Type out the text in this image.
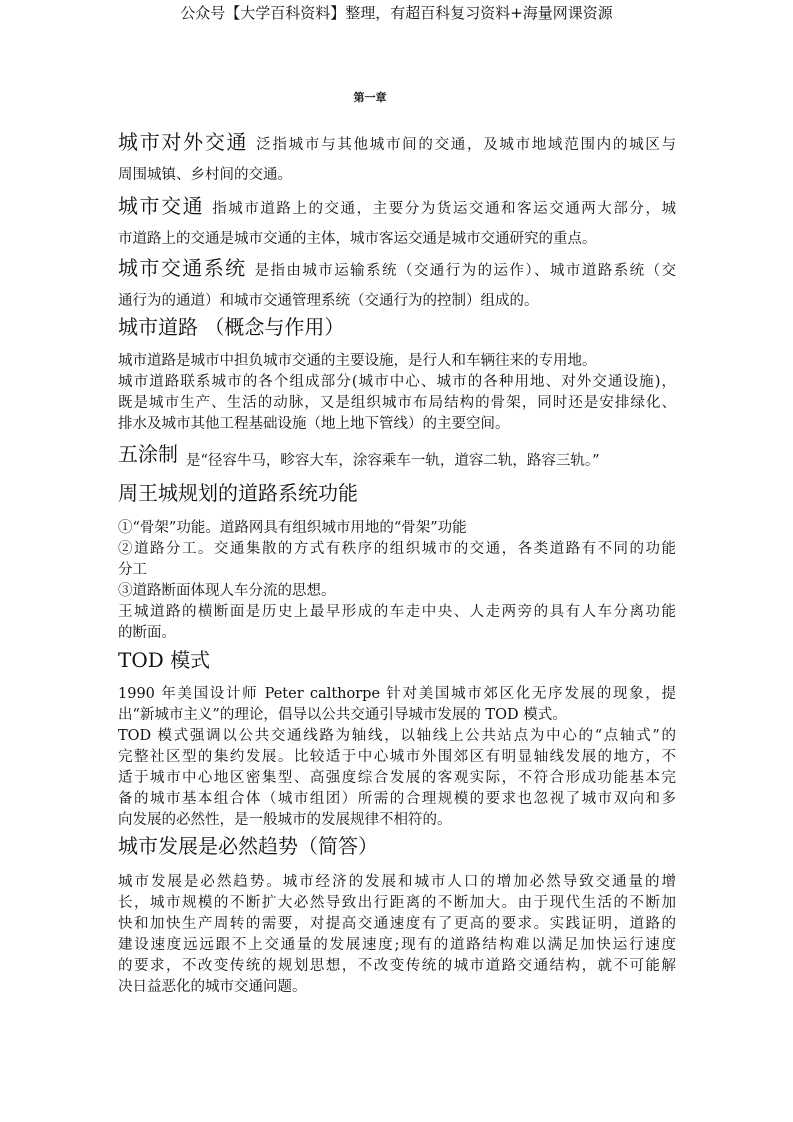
公众号【大学百科资料】整理，有超百科复习资料+海量网课资源
第一章
城市对外交通 泛指城市与其他城市间的交通，及城市地域范围内的城区与
周围城镇、乡村间的交通。
城市交通 指城市道路上的交通，主要分为货运交通和客运交通两大部分，城
市道路上的交通是城市交通的主体，城市客运交通是城市交通研究的重点。
城市交通系统 是指由城市运输系统（交通行为的运作）、城市道路系统（交
通行为的通道）和城市交通管理系统（交通行为的控制）组成的。
城市道路 （概念与作用）
城市道路是城市中担负城市交通的主要设施，是行人和车辆往来的专用地。
城市道路联系城市的各个组成部分(城市中心、城市的各种用地、对外交通设施)，
既是城市生产、生活的动脉，又是组织城市布局结构的骨架，同时还是安排绿化、
排水及城市其他工程基础设施（地上地下管线）的主要空间。
五涂制 是“径容牛马，畛容大车，涂容乘车一轨，道容二轨，路容三轨。”
周王城规划的道路系统功能
①“骨架”功能。道路网具有组织城市用地的“骨架”功能
②道路分工。交通集散的方式有秩序的组织城市的交通，各类道路有不同的功能
分工
③道路断面体现人车分流的思想。
王城道路的横断面是历史上最早形成的车走中央、人走两旁的具有人车分离功能
的断面。
TOD 模式
1990 年美国设计师 Peter calthorpe 针对美国城市郊区化无序发展的现象，提
出“新城市主义”的理论，倡导以公共交通引导城市发展的 TOD 模式。
TOD 模式强调以公共交通线路为轴线，以轴线上公共站点为中心的“点轴式”的
完整社区型的集约发展。比较适于中心城市外围郊区有明显轴线发展的地方，不
适于城市中心地区密集型、高强度综合发展的客观实际，不符合形成功能基本完
备的城市基本组合体（城市组团）所需的合理规模的要求也忽视了城市双向和多
向发展的必然性，是一般城市的发展规律不相符的。
城市发展是必然趋势（简答）
城市发展是必然趋势。城市经济的发展和城市人口的增加必然导致交通量的增
长，城市规模的不断扩大必然导致出行距离的不断加大。由于现代生活的不断加
快和加快生产周转的需要，对提高交通速度有了更高的要求。实践证明，道路的
建设速度远远跟不上交通量的发展速度;现有的道路结构难以满足加快运行速度
的要求，不改变传统的规划思想，不改变传统的城市道路交通结构，就不可能解
决日益恶化的城市交通问题。
